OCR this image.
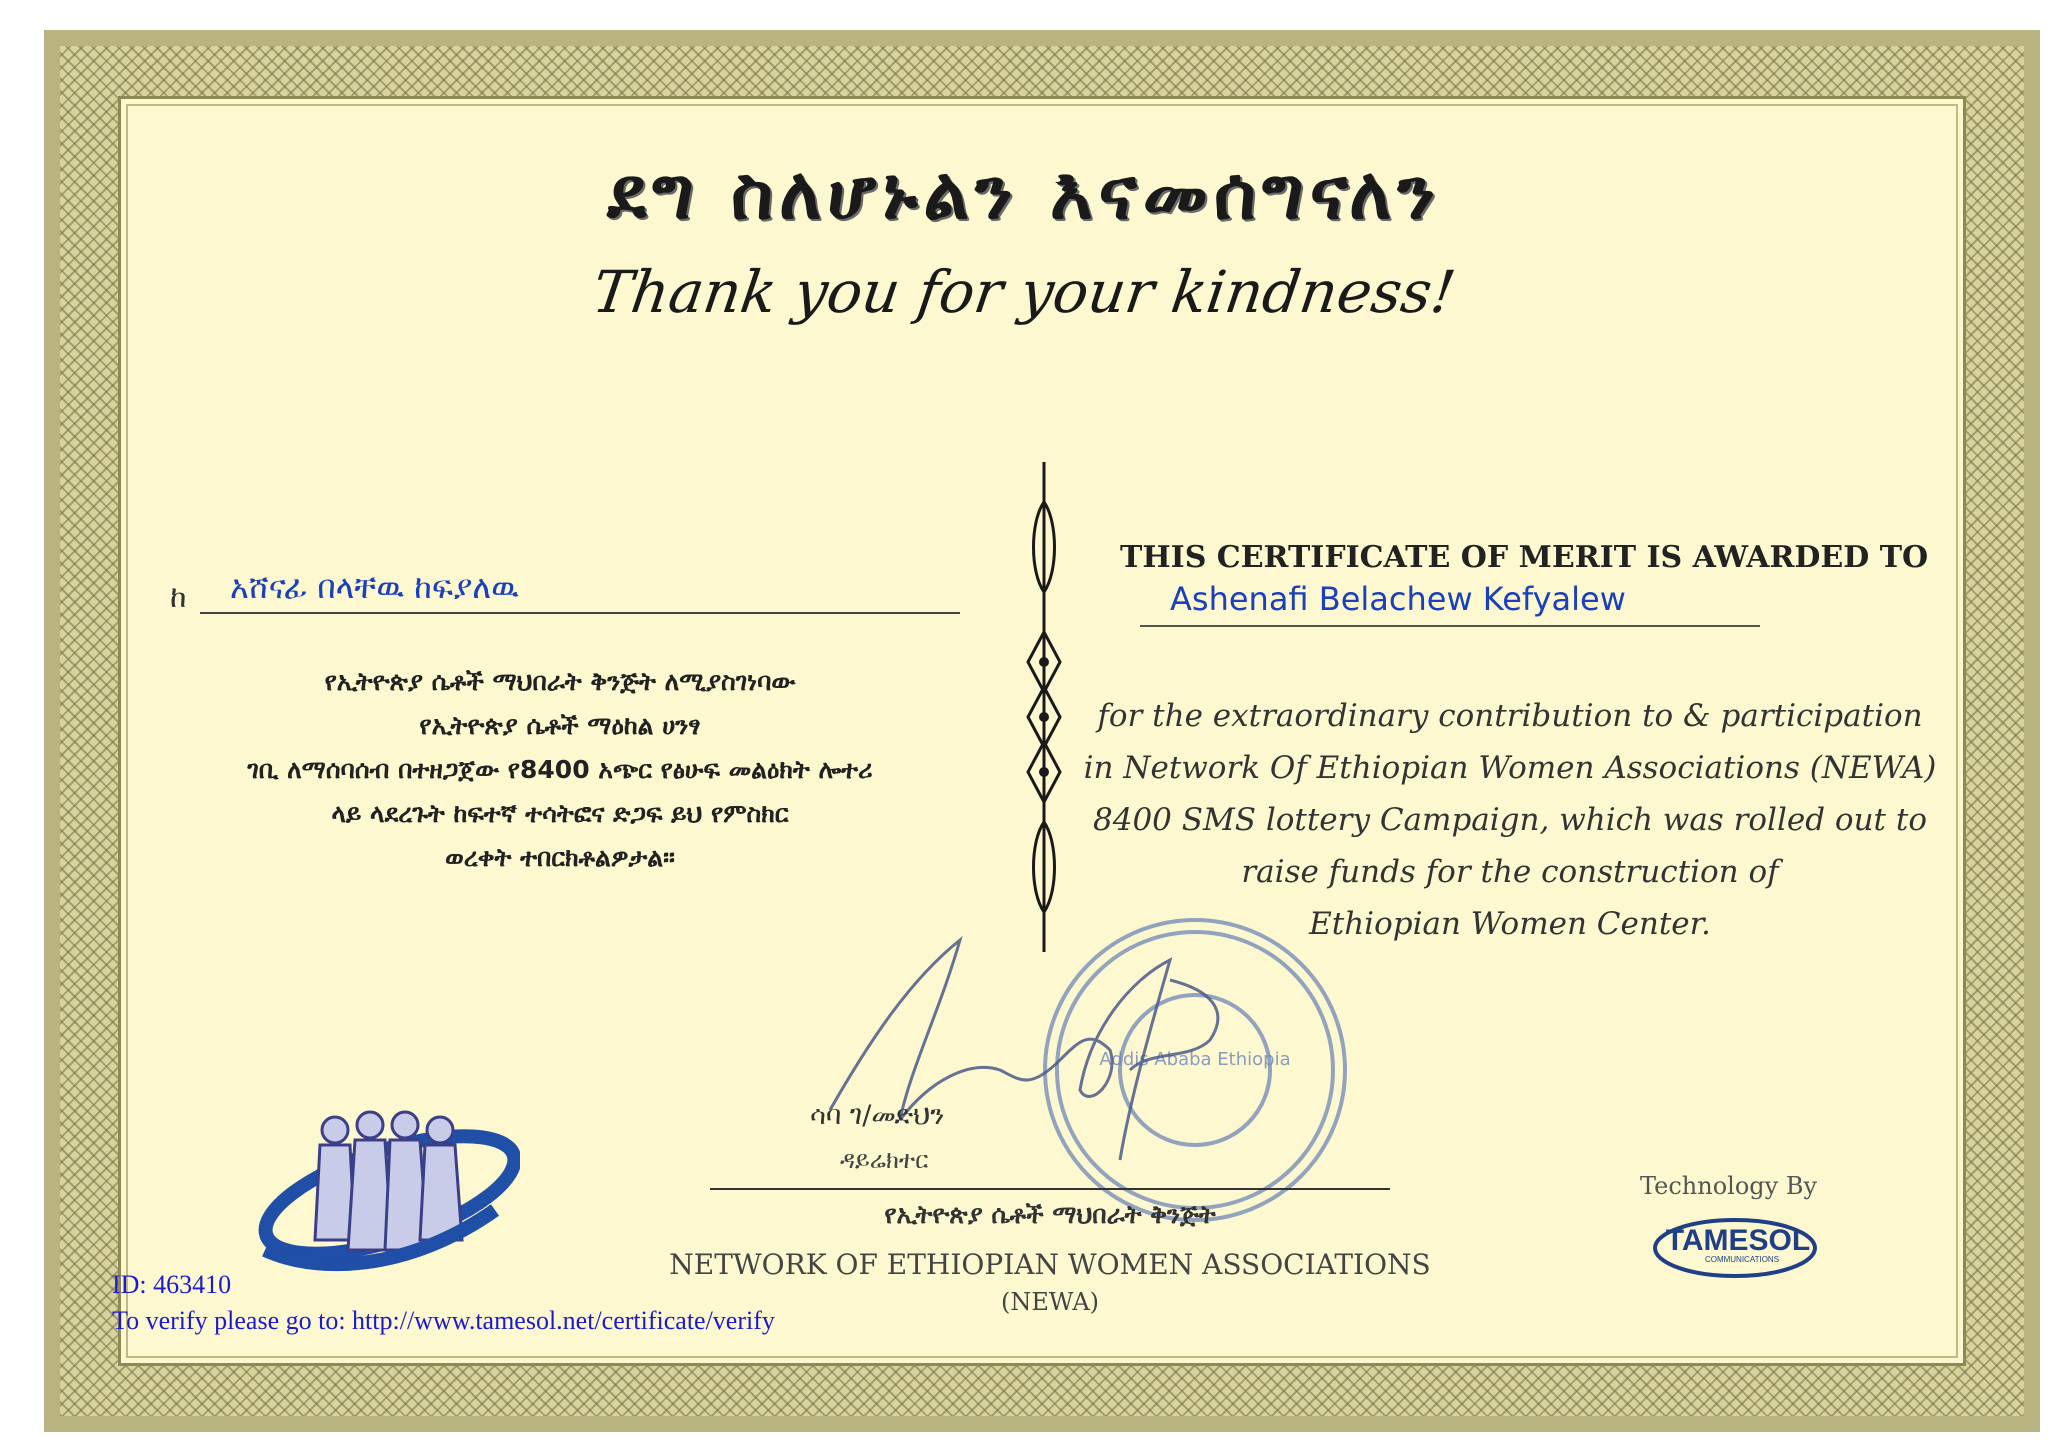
ደግ ስለሆኑልን እናመሰግናለን
Thank you for your kindness!
ከ አሸናፊ በላቸዉ ከፍያለዉ
የኢትዮጵያ ሴቶች ማህበራት ቅንጅት ለሚያስገነባው
የኢትዮጵያ ሴቶች ማዕከል ሀንፃ
ገቢ ለማሰባሰብ በተዘጋጀው የ8400 አጭር የፅሁፍ መልዕክት ሎተሪ
ላይ ላደረጉት ከፍተኛ ተሳትፎና ድጋፍ ይህ የምስክር
ወረቀት ተበርክቶልዎታል፡፡
THIS CERTIFICATE OF MERIT IS AWARDED TO
Ashenafi Belachew Kefyalew
for the extraordinary contribution to & participation
in Network Of Ethiopian Women Associations (NEWA)
8400 SMS lottery Campaign, which was rolled out to
raise funds for the construction of
Ethiopian Women Center.
Addis Ababa Ethiopia
ሳባ ገ/መድህን
ዳይሬክተር
የኢትዮጵያ ሴቶች ማህበራት ቅንጅት
NETWORK OF ETHIOPIAN WOMEN ASSOCIATIONS
(NEWA)
Technology By
TAMESOL
COMMUNICATIONS
ID: 463410
To verify please go to: http://www.tamesol.net/certificate/verify
